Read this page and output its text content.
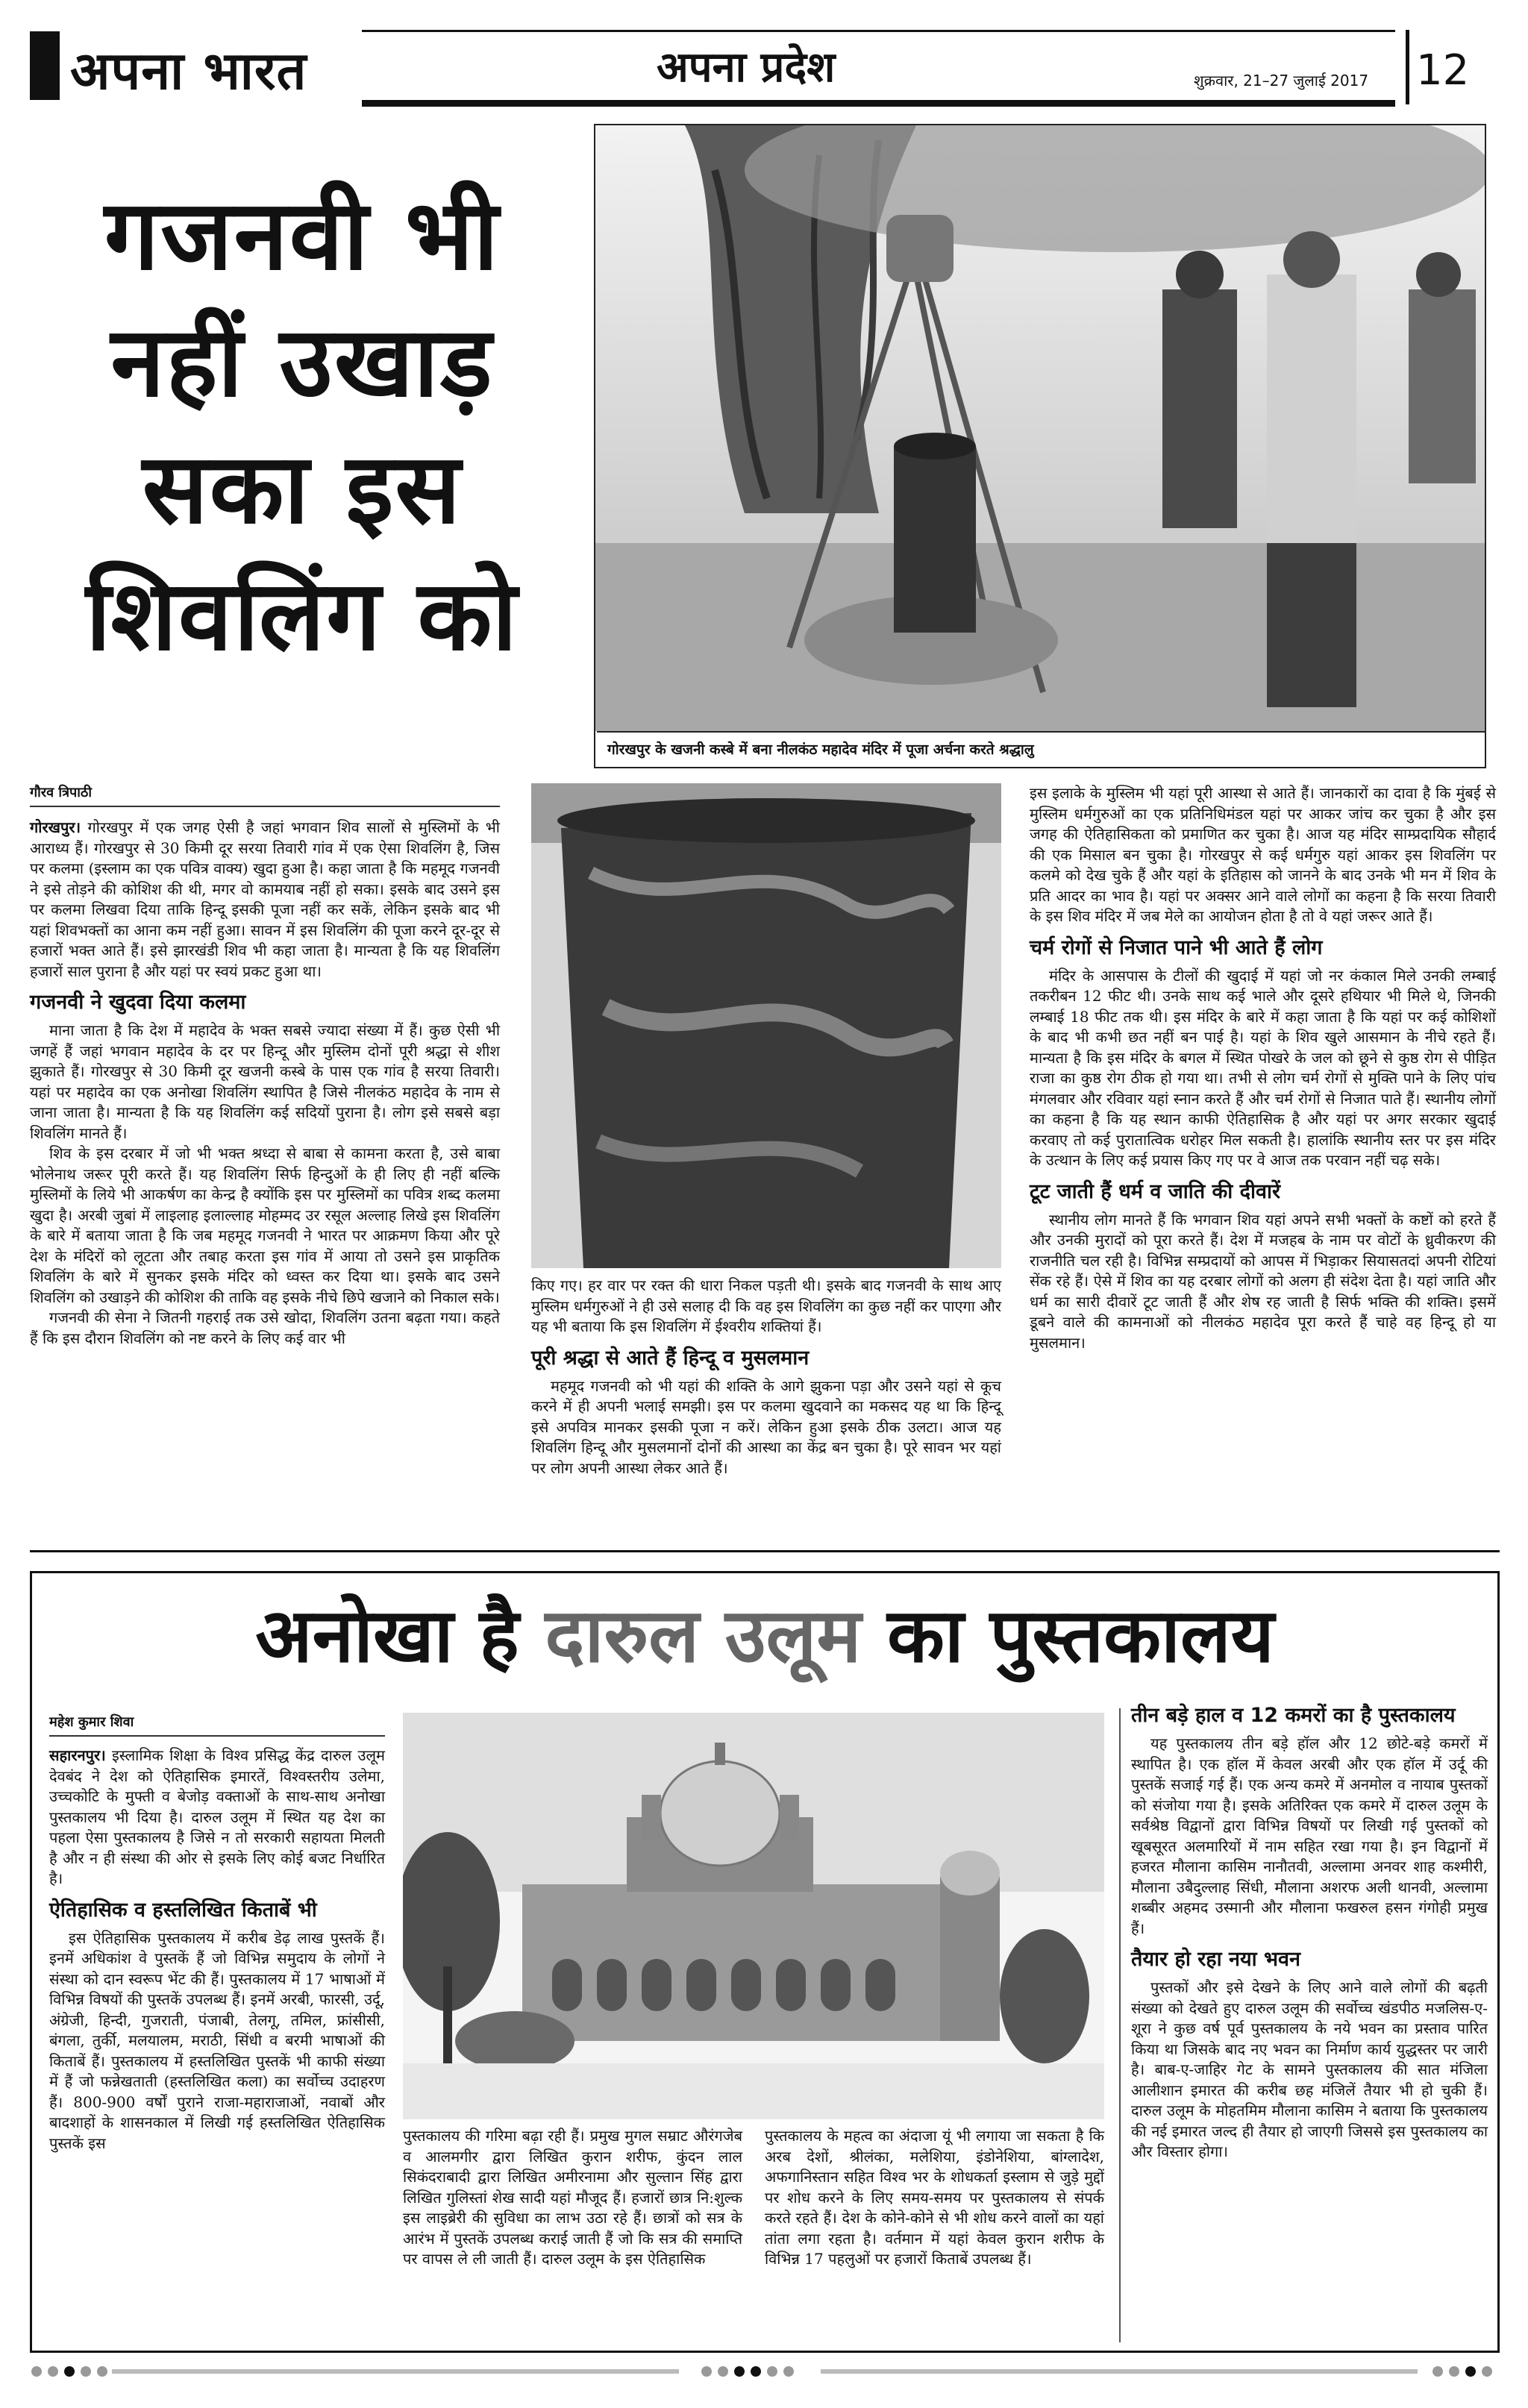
अपना भारत	अपना प्रदेश	शुक्रवार, 21–27 जुलाई 2017 12
गजनवी भी
नहीं उखाड़
सका इस
शिवलिंग को
गोरखपुर के खजनी कस्बे में बना नीलकंठ महादेव मंदिर में पूजा अर्चना करते श्रद्धालु
गौरव त्रिपाठी

गोरखपुर। गोरखपुर में एक जगह ऐसी है जहां भगवान शिव सालों से मुस्लिमों के भी आराध्य हैं। गोरखपुर से 30 किमी दूर सरया तिवारी गांव में एक ऐसा शिवलिंग है, जिस पर कलमा (इस्लाम का एक पवित्र वाक्य) खुदा हुआ है। कहा जाता है कि महमूद गजनवी ने इसे तोड़ने की कोशिश की थी, मगर वो कामयाब नहीं हो सका। इसके बाद उसने इस पर कलमा लिखवा दिया ताकि हिन्दू इसकी पूजा नहीं कर सकें, लेकिन इसके बाद भी यहां शिवभक्तों का आना कम नहीं हुआ। सावन में इस शिवलिंग की पूजा करने दूर-दूर से हजारों भक्त आते हैं। इसे झारखंडी शिव भी कहा जाता है। मान्यता है कि यह शिवलिंग हजारों साल पुराना है और यहां पर स्वयं प्रकट हुआ था।

गजनवी ने खुदवा दिया कलमा

माना जाता है कि देश में महादेव के भक्त सबसे ज्यादा संख्या में हैं। कुछ ऐसी भी जगहें हैं जहां भगवान महादेव के दर पर हिन्दू और मुस्लिम दोनों पूरी श्रद्धा से शीश झुकाते हैं। गोरखपुर से 30 किमी दूर खजनी कस्बे के पास एक गांव है सरया तिवारी। यहां पर महादेव का एक अनोखा शिवलिंग स्थापित है जिसे नीलकंठ महादेव के नाम से जाना जाता है। मान्यता है कि यह शिवलिंग कई सदियों पुराना है। लोग इसे सबसे बड़ा शिवलिंग मानते हैं।

शिव के इस दरबार में जो भी भक्त श्रध्दा से बाबा से कामना करता है, उसे बाबा भोलेनाथ जरूर पूरी करते हैं। यह शिवलिंग सिर्फ हिन्दुओं के ही लिए ही नहीं बल्कि मुस्लिमों के लिये भी आकर्षण का केन्द्र है क्योंकि इस पर मुस्लिमों का पवित्र शब्द कलमा खुदा है। अरबी जुबां में लाइलाह इलाल्लाह मोहम्मद उर रसूल अल्लाह लिखे इस शिवलिंग के बारे में बताया जाता है कि जब महमूद गजनवी ने भारत पर आक्रमण किया और पूरे देश के मंदिरों को लूटता और तबाह करता इस गांव में आया तो उसने इस प्राकृतिक शिवलिंग के बारे में सुनकर इसके मंदिर को ध्वस्त कर दिया था। इसके बाद उसने शिवलिंग को उखाड़ने की कोशिश की ताकि वह इसके नीचे छिपे खजाने को निकाल सके।

गजनवी की सेना ने जितनी गहराई तक उसे खोदा, शिवलिंग उतना बढ़ता गया। कहते हैं कि इस दौरान शिवलिंग को नष्ट करने के लिए कई वार भी

किए गए। हर वार पर रक्त की धारा निकल पड़ती थी। इसके बाद गजनवी के साथ आए मुस्लिम धर्मगुरुओं ने ही उसे सलाह दी कि वह इस शिवलिंग का कुछ नहीं कर पाएगा और यह भी बताया कि इस शिवलिंग में ईश्वरीय शक्तियां हैं।

पूरी श्रद्धा से आते हैं हिन्दू व मुसलमान

महमूद गजनवी को भी यहां की शक्ति के आगे झुकना पड़ा और उसने यहां से कूच करने में ही अपनी भलाई समझी। इस पर कलमा खुदवाने का मकसद यह था कि हिन्दू इसे अपवित्र मानकर इसकी पूजा न करें। लेकिन हुआ इसके ठीक उलटा। आज यह शिवलिंग हिन्दू और मुसलमानों दोनों की आस्था का केंद्र बन चुका है। पूरे सावन भर यहां पर लोग अपनी आस्था लेकर आते हैं।

इस इलाके के मुस्लिम भी यहां पूरी आस्था से आते हैं। जानकारों का दावा है कि मुंबई से मुस्लिम धर्मगुरुओं का एक प्रतिनिधिमंडल यहां पर आकर जांच कर चुका है और इस जगह की ऐतिहासिकता को प्रमाणित कर चुका है। आज यह मंदिर साम्प्रदायिक सौहार्द की एक मिसाल बन चुका है। गोरखपुर से कई धर्मगुरु यहां आकर इस शिवलिंग पर कलमे को देख चुके हैं और यहां के इतिहास को जानने के बाद उनके भी मन में शिव के प्रति आदर का भाव है। यहां पर अक्सर आने वाले लोगों का कहना है कि सरया तिवारी के इस शिव मंदिर में जब मेले का आयोजन होता है तो वे यहां जरूर आते हैं।

चर्म रोगों से निजात पाने भी आते हैं लोग

मंदिर के आसपास के टीलों की खुदाई में यहां जो नर कंकाल मिले उनकी लम्बाई तकरीबन 12 फीट थी। उनके साथ कई भाले और दूसरे हथियार भी मिले थे, जिनकी लम्बाई 18 फीट तक थी। इस मंदिर के बारे में कहा जाता है कि यहां पर कई कोशिशों के बाद भी कभी छत नहीं बन पाई है। यहां के शिव खुले आसमान के नीचे रहते हैं। मान्यता है कि इस मंदिर के बगल में स्थित पोखरे के जल को छूने से कुष्ठ रोग से पीड़ित राजा का कुष्ठ रोग ठीक हो गया था। तभी से लोग चर्म रोगों से मुक्ति पाने के लिए पांच मंगलवार और रविवार यहां स्नान करते हैं और चर्म रोगों से निजात पाते हैं। स्थानीय लोगों का कहना है कि यह स्थान काफी ऐतिहासिक है और यहां पर अगर सरकार खुदाई करवाए तो कई पुरातात्विक धरोहर मिल सकती है। हालांकि स्थानीय स्तर पर इस मंदिर के उत्थान के लिए कई प्रयास किए गए पर वे आज तक परवान नहीं चढ़ सके।

टूट जाती हैं धर्म व जाति की दीवारें

स्थानीय लोग मानते हैं कि भगवान शिव यहां अपने सभी भक्तों के कष्टों को हरते हैं और उनकी मुरादों को पूरा करते हैं। देश में मजहब के नाम पर वोटों के ध्रुवीकरण की राजनीति चल रही है। विभिन्न सम्प्रदायों को आपस में भिड़ाकर सियासतदां अपनी रोटियां सेंक रहे हैं। ऐसे में शिव का यह दरबार लोगों को अलग ही संदेश देता है। यहां जाति और धर्म का सारी दीवारें टूट जाती हैं और शेष रह जाती है सिर्फ भक्ति की शक्ति। इसमें डूबने वाले की कामनाओं को नीलकंठ महादेव पूरा करते हैं चाहे वह हिन्दू हो या मुसलमान।

अनोखा है दारुल उलूम का पुस्तकालय
महेश कुमार शिवा

सहारनपुर। इस्लामिक शिक्षा के विश्व प्रसिद्ध केंद्र दारुल उलूम देवबंद ने देश को ऐतिहासिक इमारतें, विश्वस्तरीय उलेमा, उच्चकोटि के मुफ्ती व बेजोड़ वक्ताओं के साथ-साथ अनोखा पुस्तकालय भी दिया है। दारुल उलूम में स्थित यह देश का पहला ऐसा पुस्तकालय है जिसे न तो सरकारी सहायता मिलती है और न ही संस्था की ओर से इसके लिए कोई बजट निर्धारित है।

ऐतिहासिक व हस्तलिखित किताबें भी

इस ऐतिहासिक पुस्तकालय में करीब डेढ़ लाख पुस्तकें हैं। इनमें अधिकांश वे पुस्तकें हैं जो विभिन्न समुदाय के लोगों ने संस्था को दान स्वरूप भेंट की हैं। पुस्तकालय में 17 भाषाओं में विभिन्न विषयों की पुस्तकें उपलब्ध हैं। इनमें अरबी, फारसी, उर्दू, अंग्रेजी, हिन्दी, गुजराती, पंजाबी, तेलगू, तमिल, फ्रांसीसी, बंगला, तुर्की, मलयालम, मराठी, सिंधी व बरमी भाषाओं की किताबें हैं। पुस्तकालय में हस्तलिखित पुस्तकें भी काफी संख्या में हैं जो फन्नेखताती (हस्तलिखित कला) का सर्वोच्च उदाहरण हैं। 800-900 वर्षों पुराने राजा-महाराजाओं, नवाबों और बादशाहों के शासनकाल में लिखी गई हस्तलिखित ऐतिहासिक पुस्तकें इस	पुस्तकालय की गरिमा बढ़ा रही हैं। प्रमुख मुगल सम्राट औरंगजेब व आलमगीर द्वारा लिखित कुरान शरीफ, कुंदन लाल सिकंदराबादी द्वारा लिखित अमीरनामा और सुल्तान सिंह द्वारा लिखित गुलिस्तां शेख सादी यहां मौजूद हैं। हजारों छात्र नि:शुल्क इस लाइब्रेरी की सुविधा का लाभ उठा रहे हैं। छात्रों को सत्र के आरंभ में पुस्तकें उपलब्ध कराई जाती हैं जो कि सत्र की समाप्ति पर वापस ले ली जाती हैं। दारुल उलूम के इस ऐतिहासिक

पुस्तकालय के महत्व का अंदाजा यूं भी लगाया जा सकता है कि अरब देशों, श्रीलंका, मलेशिया, इंडोनेशिया, बांग्लादेश, अफगानिस्तान सहित विश्व भर के शोधकर्ता इस्लाम से जुड़े मुद्दों पर शोध करने के लिए समय-समय पर पुस्तकालय से संपर्क करते रहते हैं। देश के कोने-कोने से भी शोध करने वालों का यहां तांता लगा रहता है। वर्तमान में यहां केवल कुरान शरीफ के विभिन्न 17 पहलुओं पर हजारों किताबें उपलब्ध हैं।

तीन बड़े हाल व 12 कमरों का है पुस्तकालय

यह पुस्तकालय तीन बड़े हॉल और 12 छोटे-बड़े कमरों में स्थापित है। एक हॉल में केवल अरबी और एक हॉल में उर्दू की पुस्तकें सजाई गई हैं। एक अन्य कमरे में अनमोल व नायाब पुस्तकों को संजोया गया है। इसके अतिरिक्त एक कमरे में दारुल उलूम के सर्वश्रेष्ठ विद्वानों द्वारा विभिन्न विषयों पर लिखी गई पुस्तकों को खूबसूरत अलमारियों में नाम सहित रखा गया है। इन विद्वानों में हजरत मौलाना कासिम नानौतवी, अल्लामा अनवर शाह कश्मीरी, मौलाना उबैदुल्लाह सिंधी, मौलाना अशरफ अली थानवी, अल्लामा शब्बीर अहमद उस्मानी और मौलाना फखरुल हसन गंगोही प्रमुख हैं।

तैयार हो रहा नया भवन

पुस्तकों और इसे देखने के लिए आने वाले लोगों की बढ़ती संख्या को देखते हुए दारुल उलूम की सर्वोच्च खंडपीठ मजलिस-ए-शूरा ने कुछ वर्ष पूर्व पुस्तकालय के नये भवन का प्रस्ताव पारित किया था जिसके बाद नए भवन का निर्माण कार्य युद्धस्तर पर जारी है। बाब-ए-जाहिर गेट के सामने पुस्तकालय की सात मंजिला आलीशान इमारत की करीब छह मंजिलें तैयार भी हो चुकी हैं। दारुल उलूम के मोहतमिम मौलाना कासिम ने बताया कि पुस्तकालय की नई इमारत जल्द ही तैयार हो जाएगी जिससे इस पुस्तकालय का और विस्तार होगा।
